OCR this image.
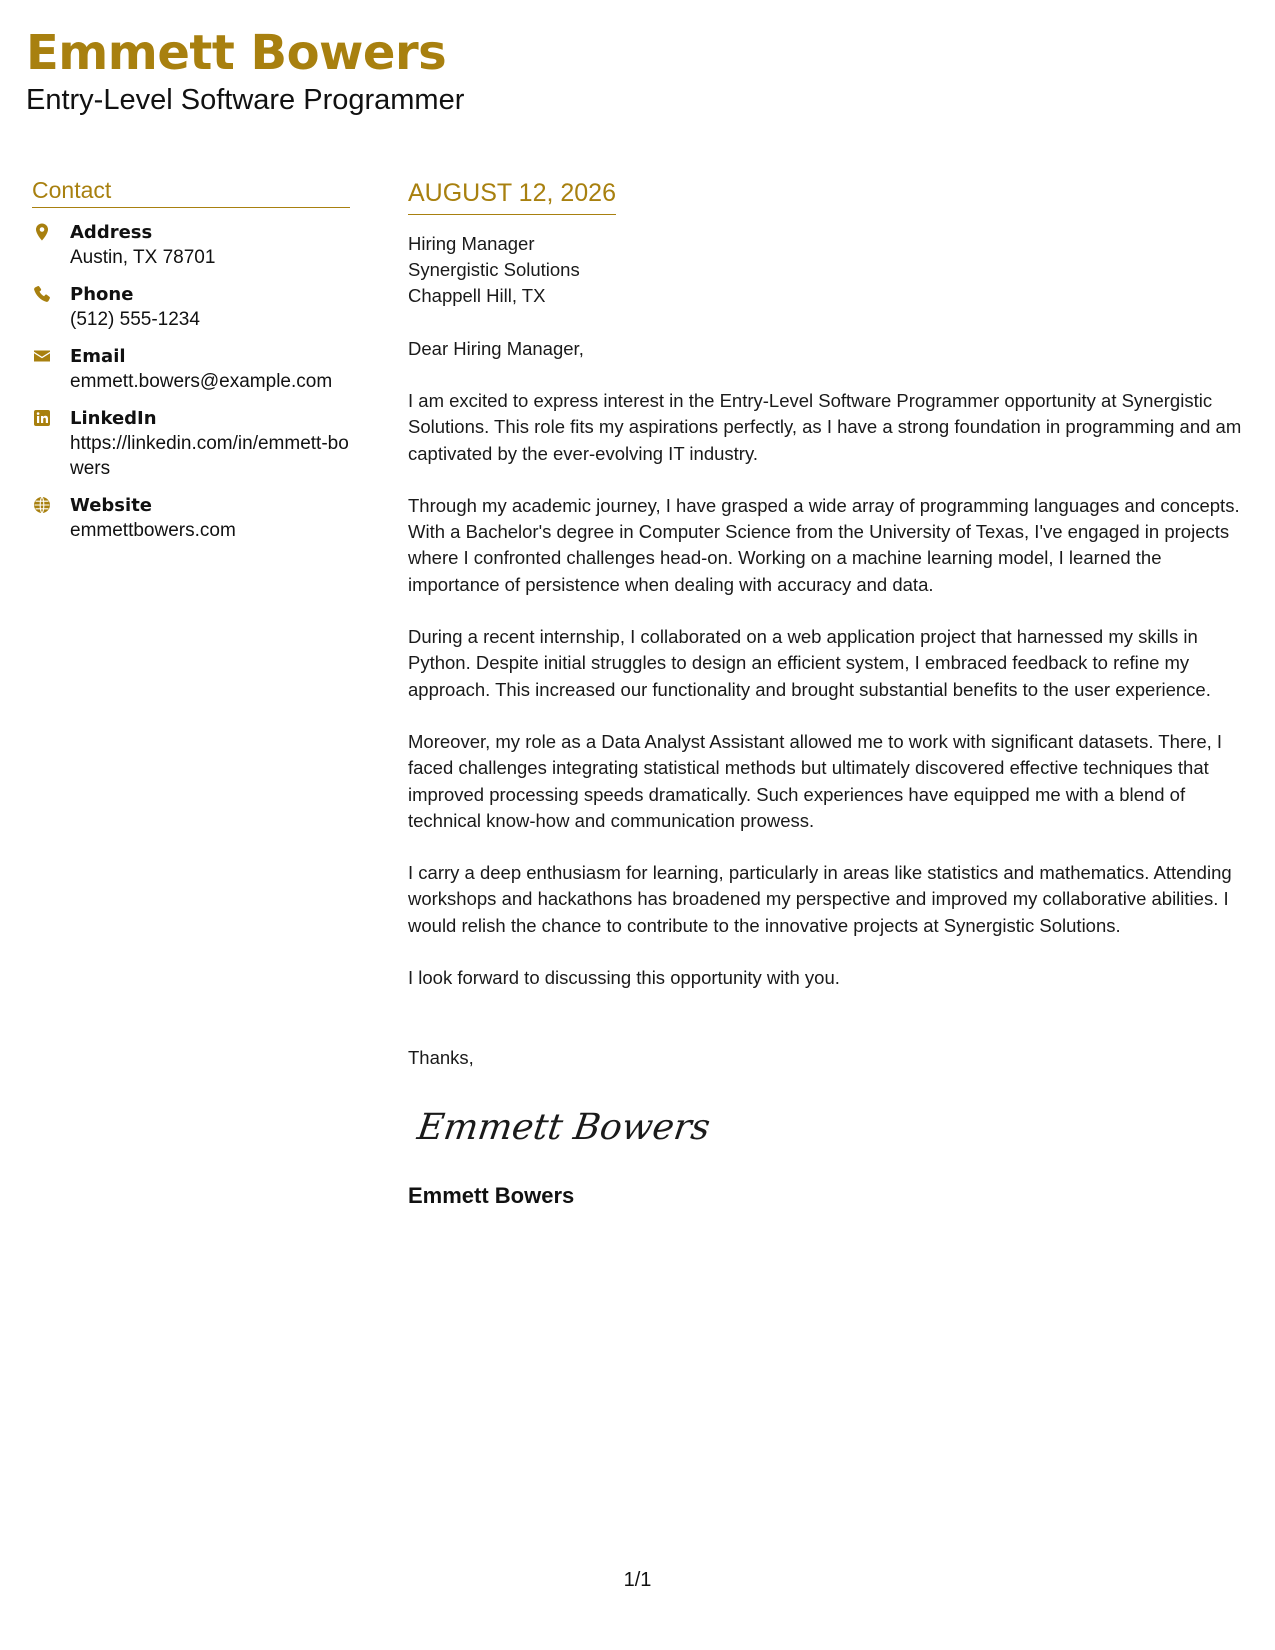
Emmett Bowers
Entry-Level Software Programmer
Contact
Address
Austin, TX 78701
Phone
(512) 555-1234
Email
emmett.bowers@example.com
LinkedIn
https://linkedin.com/in/emmett-bowers
Website
emmettbowers.com
AUGUST 12, 2026
Hiring Manager
Synergistic Solutions
Chappell Hill, TX
Dear Hiring Manager,
I am excited to express interest in the Entry-Level Software Programmer opportunity at Synergistic Solutions. This role fits my aspirations perfectly, as I have a strong foundation in programming and am captivated by the ever-evolving IT industry.
Through my academic journey, I have grasped a wide array of programming languages and concepts. With a Bachelor's degree in Computer Science from the University of Texas, I've engaged in projects where I confronted challenges head-on. Working on a machine learning model, I learned the importance of persistence when dealing with accuracy and data.
During a recent internship, I collaborated on a web application project that harnessed my skills in Python. Despite initial struggles to design an efficient system, I embraced feedback to refine my approach. This increased our functionality and brought substantial benefits to the user experience.
Moreover, my role as a Data Analyst Assistant allowed me to work with significant datasets. There, I faced challenges integrating statistical methods but ultimately discovered effective techniques that improved processing speeds dramatically. Such experiences have equipped me with a blend of technical know-how and communication prowess.
I carry a deep enthusiasm for learning, particularly in areas like statistics and mathematics. Attending workshops and hackathons has broadened my perspective and improved my collaborative abilities. I would relish the chance to contribute to the innovative projects at Synergistic Solutions.
I look forward to discussing this opportunity with you.
Thanks,
Emmett Bowers
Emmett Bowers
1/1
